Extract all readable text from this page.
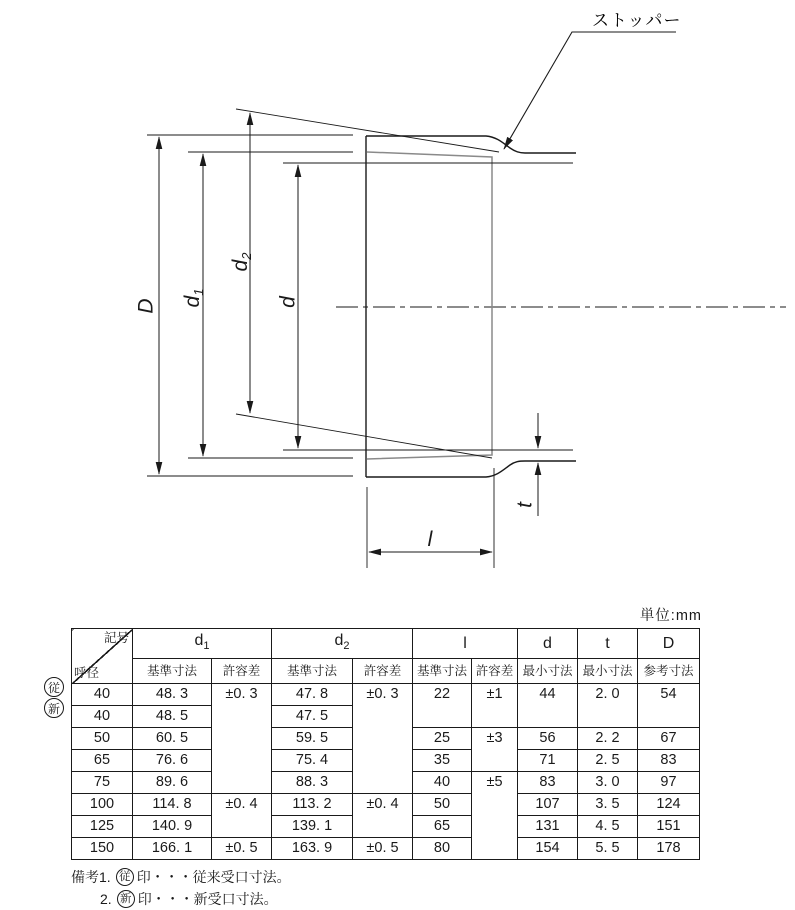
ストッパー
D $d_1$
$d_2$
d
l
t
単位:mm
従
新
記号
呼径	$d_1$		$d_2$		l		d	t	D
	基準寸法	許容差	基準寸法	許容差	基準寸法	許容差	最小寸法	最小寸法	参考寸法
40	48. 3	±0. 3	47. 8	±0. 3	22	±1	44	2. 0	54
40	48. 5		47. 5						
50	60. 5		59. 5		25	±3	56	2. 2	67
65	76. 6		75. 4		35		71	2. 5	83
75	89. 6		88. 3		40	±5	83	3. 0	97
100	114. 8	±0. 4	113. 2	±0. 4	50		107	3. 5	124
125	140. 9		139. 1		65		131	4. 5	151
150	166. 1	±0. 5	163. 9	±0. 5	80		154	5. 5	178
備考1. 従 印・・・従来受口寸法。
2. 新 印・・・新受口寸法。
